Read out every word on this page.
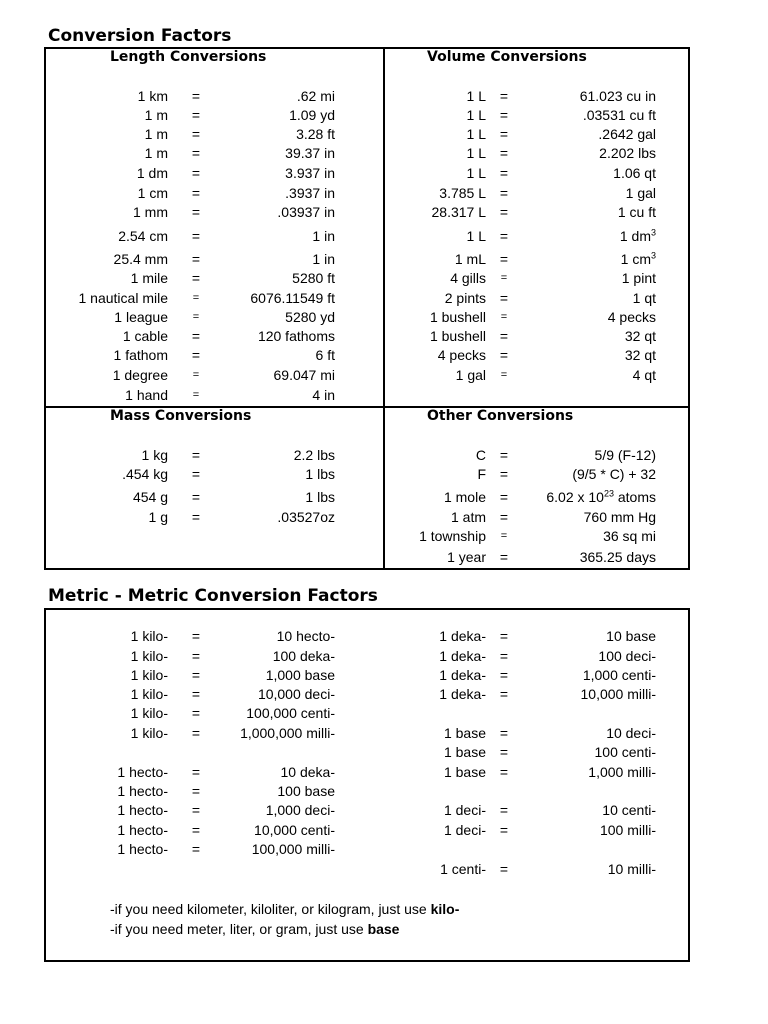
Conversion Factors
Metric - Metric Conversion Factors
Length Conversions	Volume Conversions
Mass Conversions	Other Conversions
-if you need kilometer, kiloliter, or kilogram, just use kilo-
-if you need meter, liter, or gram, just use base
1 km	=	.62 mi
1 m	=	1.09 yd
1 m	=	3.28 ft
1 m	=	39.37 in
1 dm	=	3.937 in
1 cm	=	.3937 in
1 mm	=	.03937 in
2.54 cm	=	1 in
25.4 mm	=	1 in
1 mile	=	5280 ft
1 nautical mile	=	6076.11549 ft
1 league	=	5280 yd
1 cable	=	120 fathoms
1 fathom	=	6 ft
1 degree	=	69.047 mi
1 hand	=	4 in
1 L =	61.023 cu in
1 L =	.03531 cu ft
1 L =	.2642 gal
1 L =	2.202 lbs
1 L =	1.06 qt
3.785 L =	1 gal
28.317 L =	1 cu ft
1 L =	1 $dm^3$
1 mL =	1 $cm^3$
4 gills	=	1 pint
2 pints =	1 qt
1 bushell	=	4 pecks
1 bushell =	32 qt
4 pecks =	32 qt
1 gal	=	4 qt
1 kg	=	2.2 lbs
.454 kg	=	1 lbs
454 g	=	1 lbs
1 g	=	.03527oz
C =	5/9 (F-12)
F =	(9/5 * C) + 32
1 mole =	6.02 x $10^{23}$ atoms
1 atm =	760 mm Hg
1 township	=	36 sq mi
1 year =	365.25 days
1 kilo-	=	10 hecto-
1 kilo-	=	100 deka-
1 kilo-	=	1,000 base
1 kilo-	=	10,000 deci-
1 kilo-	=	100,000 centi-
1 kilo-	=	1,000,000 milli-
1 hecto-	=	10 deka-
1 hecto-	=	100 base
1 hecto-	=	1,000 deci-
1 hecto-	=	10,000 centi-
1 hecto-	=	100,000 milli-
1 deka- =	10 base
1 deka- =	100 deci-
1 deka- =	1,000 centi-
1 deka- =	10,000 milli-
1 base =	10 deci-
1 base =	100 centi-
1 base =	1,000 milli-
1 deci- =	10 centi-
1 deci- =	100 milli-
1 centi- =	10 milli-
